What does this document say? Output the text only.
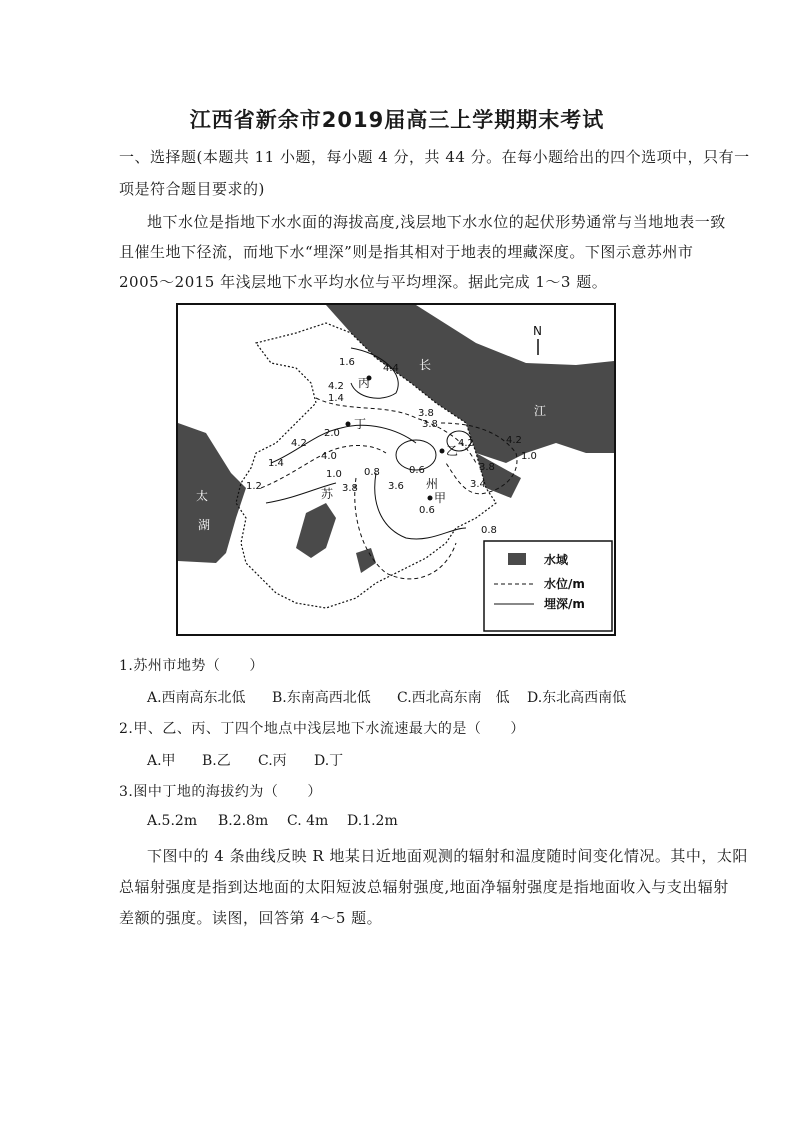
江西省新余市2019届高三上学期期末考试
一、选择题(本题共 11 小题，每小题 4 分，共 44 分。在每小题给出的四个选项中，只有一
项是符合题目要求的)
地下水位是指地下水水面的海拔高度,浅层地下水水位的起伏形势通常与当地地表一致
且催生地下径流，而地下水“埋深”则是指其相对于地表的埋藏深度。下图示意苏州市
2005～2015 年浅层地下水平均水位与平均埋深。据此完成 1～3 题。
水域
水位/m
埋深/m
N
长
江
太
湖
苏
州
甲
乙
丙
丁
1.6
4.4
4.2
1.4
3.8
4.2
0.6
2.0
4.2
1.4
4.0
1.0 0.8
3.8
1.2
3.8
3.6	3.4
0.6
0.8
1.0
4.2
3.8
1.苏州市地势（　　）
A.西南高东北低 B.东南高西北低 C.西北高东南　低 D.东北高西南低
2.甲、乙、丙、丁四个地点中浅层地下水流速最大的是（　　）
A.甲 B.乙 C.丙 D.丁
3.图中丁地的海拔约为（　　）
A.5.2m B.2.8m C. 4m D.1.2m
下图中的 4 条曲线反映 R 地某日近地面观测的辐射和温度随时间变化情况。其中，太阳
总辐射强度是指到达地面的太阳短波总辐射强度,地面净辐射强度是指地面收入与支出辐射
差额的强度。读图，回答第 4～5 题。
